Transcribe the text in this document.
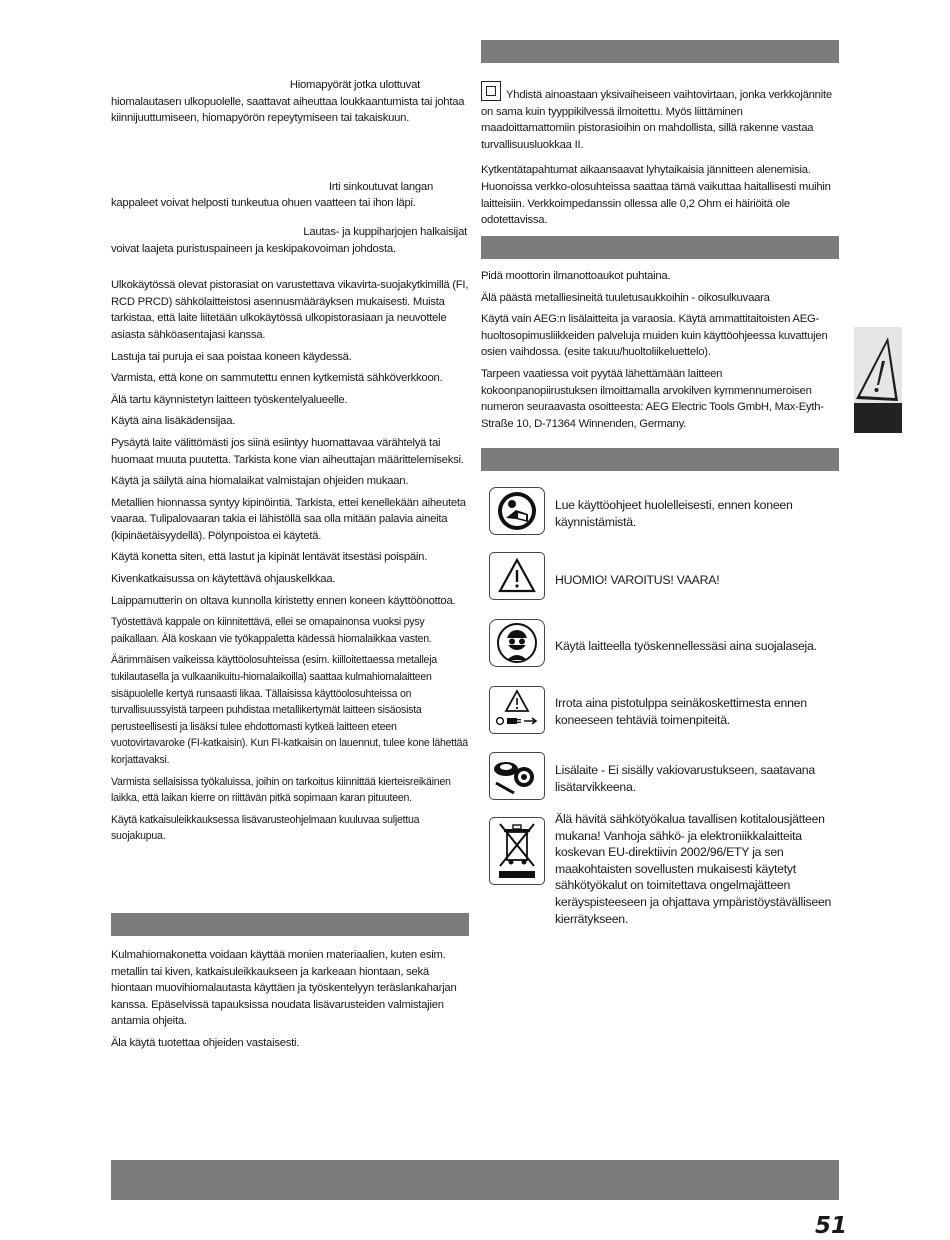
Hiomapyörät jotka ulottuvat
hiomalautasen ulkopuolelle, saattavat aiheuttaa loukkaantumista tai johtaa kiinnijuuttumiseen, hiomapyörön repeytymiseen tai takaiskuun.

Irti sinkoutuvat langan
kappaleet voivat helposti tunkeutua ohuen vaatteen tai ihon läpi.

Lautas- ja kuppiharjojen halkaisijat
voivat laajeta puristuspaineen ja keskipakovoiman johdosta.

Ulkokäytössä olevat pistorasiat on varustettava vikavirta-suojakytkimillä (FI, RCD PRCD) sähkölaitteistosi asennusmääräyksen mukaisesti. Muista tarkistaa, että laite liitetään ulkokäytössä ulkopistorasiaan ja neuvottele asiasta sähköasentajasi kanssa.

Lastuja tai puruja ei saa poistaa koneen käydessä.

Varmista, että kone on sammutettu ennen kytkemistä sähköverkkoon.

Älä tartu käynnistetyn laitteen työskentelyalueelle.

Käytä aina lisäkädensijaa.

Pysäytä laite välittömästi jos siinä esiintyy huomattavaa värähtelyä tai huomaat muuta puutetta. Tarkista kone vian aiheuttajan määrittelemiseksi.

Käytä ja säilytä aina hiomalaikat valmistajan ohjeiden mukaan.

Metallien hionnassa syntyy kipinöintiä. Tarkista, ettei kenellekään aiheuteta vaaraa. Tulipalovaaran takia ei lähistöllä saa olla mitään palavia aineita (kipinäetäisyydellä). Pölynpoistoa ei käytetä.

Käytä konetta siten, että lastut ja kipinät lentävät itsestäsi poispäin.

Kivenkatkaisussa on käytettävä ohjauskelkkaa.

Laippamutterin on oltava kunnolla kiristetty ennen koneen käyttöönottoa.

Työstettävä kappale on kiinnitettävä, ellei se omapainonsa vuoksi pysy paikallaan. Älä koskaan vie työkappaletta kädessä hiomalaikkaa vasten.

Äärimmäisen vaikeissa käyttöolosuhteissa (esim. kiilloitettaessa metalleja tukilautasella ja vulkaanikuitu-hiomalaikoilla) saattaa kulmahiomalaitteen sisäpuolelle kertyä runsaasti likaa. Tällaisissa käyttöolosuhteissa on turvallisuussyistä tarpeen puhdistaa metallikertymät laitteen sisäosista perusteellisesti ja lisäksi tulee ehdottomasti kytkeä laitteen eteen vuotovirtavaroke (FI-katkaisin). Kun FI-katkaisin on lauennut, tulee kone lähettää korjattavaksi.

Varmista sellaisissa työkaluissa, joihin on tarkoitus kiinnittää kierteisreikäinen laikka, että laikan kierre on riittävän pitkä sopimaan karan pituuteen.

Käytä katkaisuleikkauksessa lisävarusteohjelmaan kuuluvaa suljettua suojakupua.

Kulmahiomakonetta voidaan käyttää monien materiaalien, kuten esim. metallin tai kiven, katkaisuleikkaukseen ja karkeaan hiontaan, sekä hiontaan muovihiomalautasta käyttäen ja työskentelyyn teräslankaharjan kanssa. Epäselvissä tapauksissa noudata lisävarusteiden valmistajien antamia ohjeita.

Äla käytä tuotettaa ohjeiden vastaisesti.

Yhdistä ainoastaan yksivaiheiseen vaihtovirtaan, jonka verkkojännite on sama kuin tyyppikilvessä ilmoitettu. Myös liittäminen maadoittamattomiin pistorasioihin on mahdollista, sillä rakenne vastaa turvallisuusluokkaa II.

Kytkentätapahtumat aikaansaavat lyhytaikaisia jännitteen alenemisia. Huonoissa verkko-olosuhteissa saattaa tämä vaikuttaa haitallisesti muihin laitteisiin. Verkkoimpedanssin ollessa alle 0,2 Ohm ei häiriöitä ole odotettavissa.

Pidä moottorin ilmanottoaukot puhtaina.

Älä päästä metalliesineitä tuuletusaukkoihin - oikosulkuvaara

Käytä vain AEG:n lisälaitteita ja varaosia. Käytä ammattitaitoisten AEG-huoltosopimusliikkeiden palveluja muiden kuin käyttöohjeessa kuvattujen osien vaihdossa. (esite takuu/huoltoliikeluettelo).

Tarpeen vaatiessa voit pyytää lähettämään laitteen kokoonpanopiirustuksen ilmoittamalla arvokilven kymmennumeroisen numeron seuraavasta osoitteesta: AEG Electric Tools GmbH, Max-Eyth-Straße 10, D-71364 Winnenden, Germany.

Lue käyttöohjeet huolelleisesti, ennen koneen käynnistämistä.
HUOMIO! VAROITUS! VAARA!
Käytä laitteella työskennellessäsi aina suojalaseja.
Irrota aina pistotulppa seinäkoskettimesta ennen koneeseen tehtäviä toimenpiteitä.
Lisälaite - Ei sisälly vakiovarustukseen, saatavana lisätarvikkeena.
Älä hävitä sähkötyökalua tavallisen kotitalousjätteen mukana! Vanhoja sähkö- ja elektroniikkalaitteita koskevan EU-direktiivin 2002/96/ETY ja sen maakohtaisten sovellusten mukaisesti käytetyt sähkötyökalut on toimitettava ongelmajätteen keräyspisteeseen ja ohjattava ympäristöystävälliseen kierrätykseen.
51
